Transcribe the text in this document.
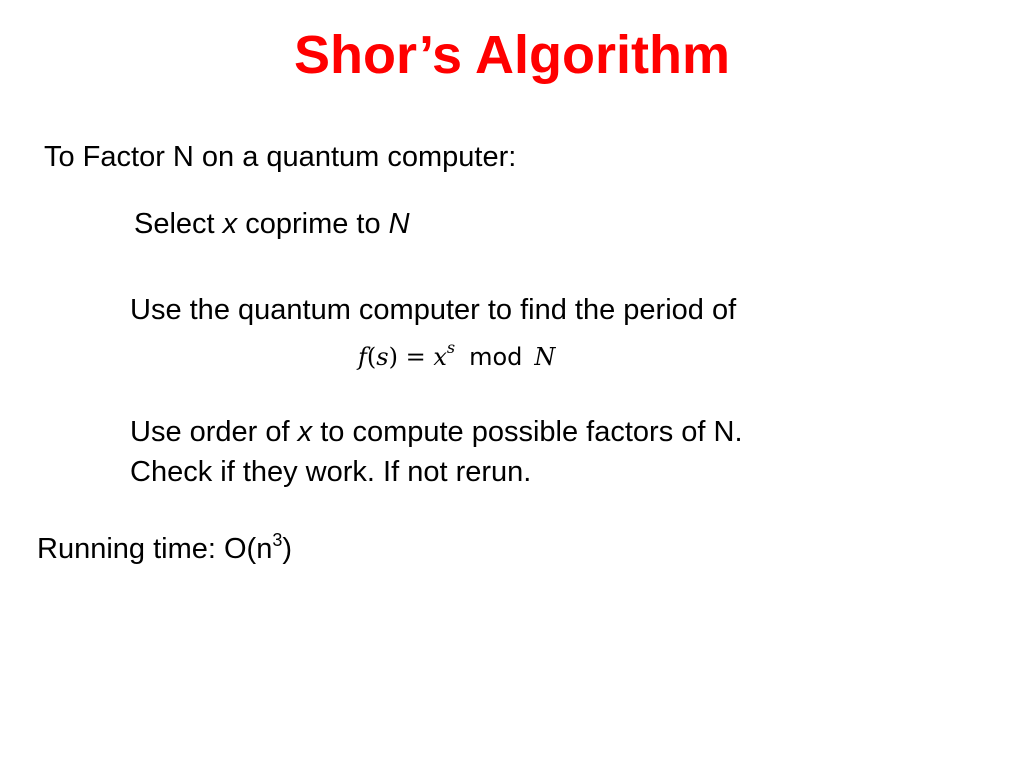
Shor’s Algorithm

To Factor N on a quantum computer:

Select x coprime to N

Use the quantum computer to find the period of

$f(s) = x^s$ mod N

Use order of x to compute possible factors of N.

Check if they work. If not rerun.

Running time: $O(n^3)$
